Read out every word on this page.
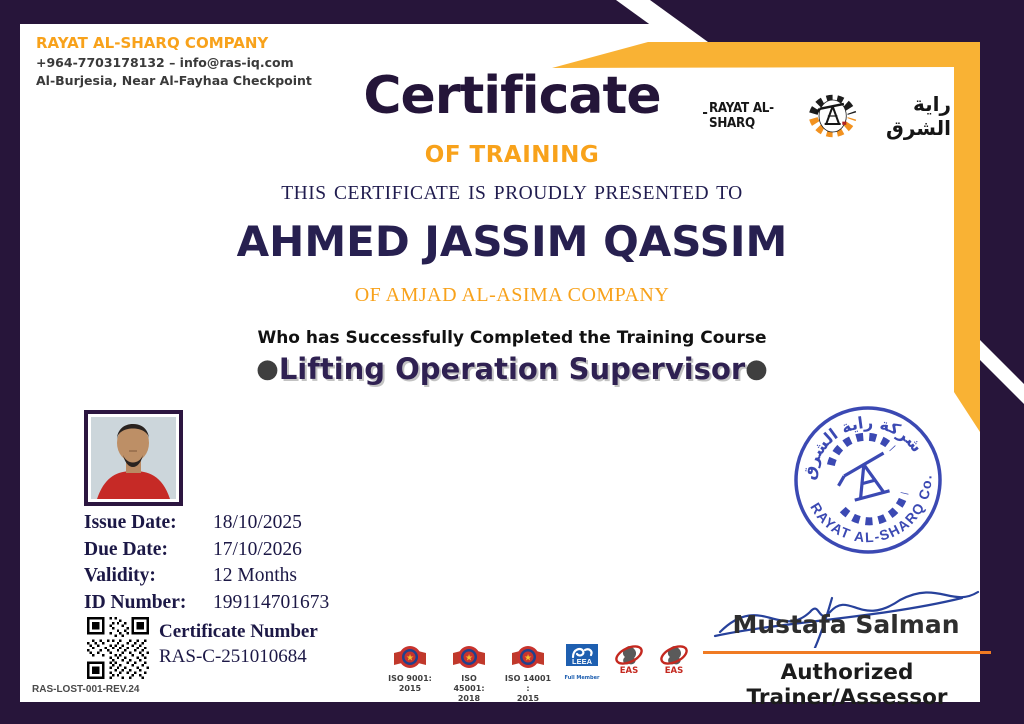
RAYAT AL-SHARQ COMPANY
+964-7703178132 – info@ras-iq.com
Al-Burjesia, Near Al-Fayhaa Checkpoint
RAYAT AL-SHARQ
راية الشرق
Certificate
OF TRAINING
THIS CERTIFICATE IS PROUDLY PRESENTED TO
AHMED JASSIM QASSIM
OF AMJAD AL-ASIMA COMPANY
Who has Successfully Completed the Training Course
●Lifting Operation Supervisor●
Issue Date:	18/10/2025
Due Date:	17/10/2026
Validity:	12 Months
ID Number:	199114701673
Certificate Number
RAS-C-251010684
RAS-LOST-001-REV.24
★
ISO 9001:
2015
★
ISO 45001:
2018
★
ISO 14001 :
2015
LEEA
Full Member
EAS	EAS
شركة راية الشرق
RAYAT AL-SHARQ Co.
Mustafa Salman
Authorized Trainer/Assessor
